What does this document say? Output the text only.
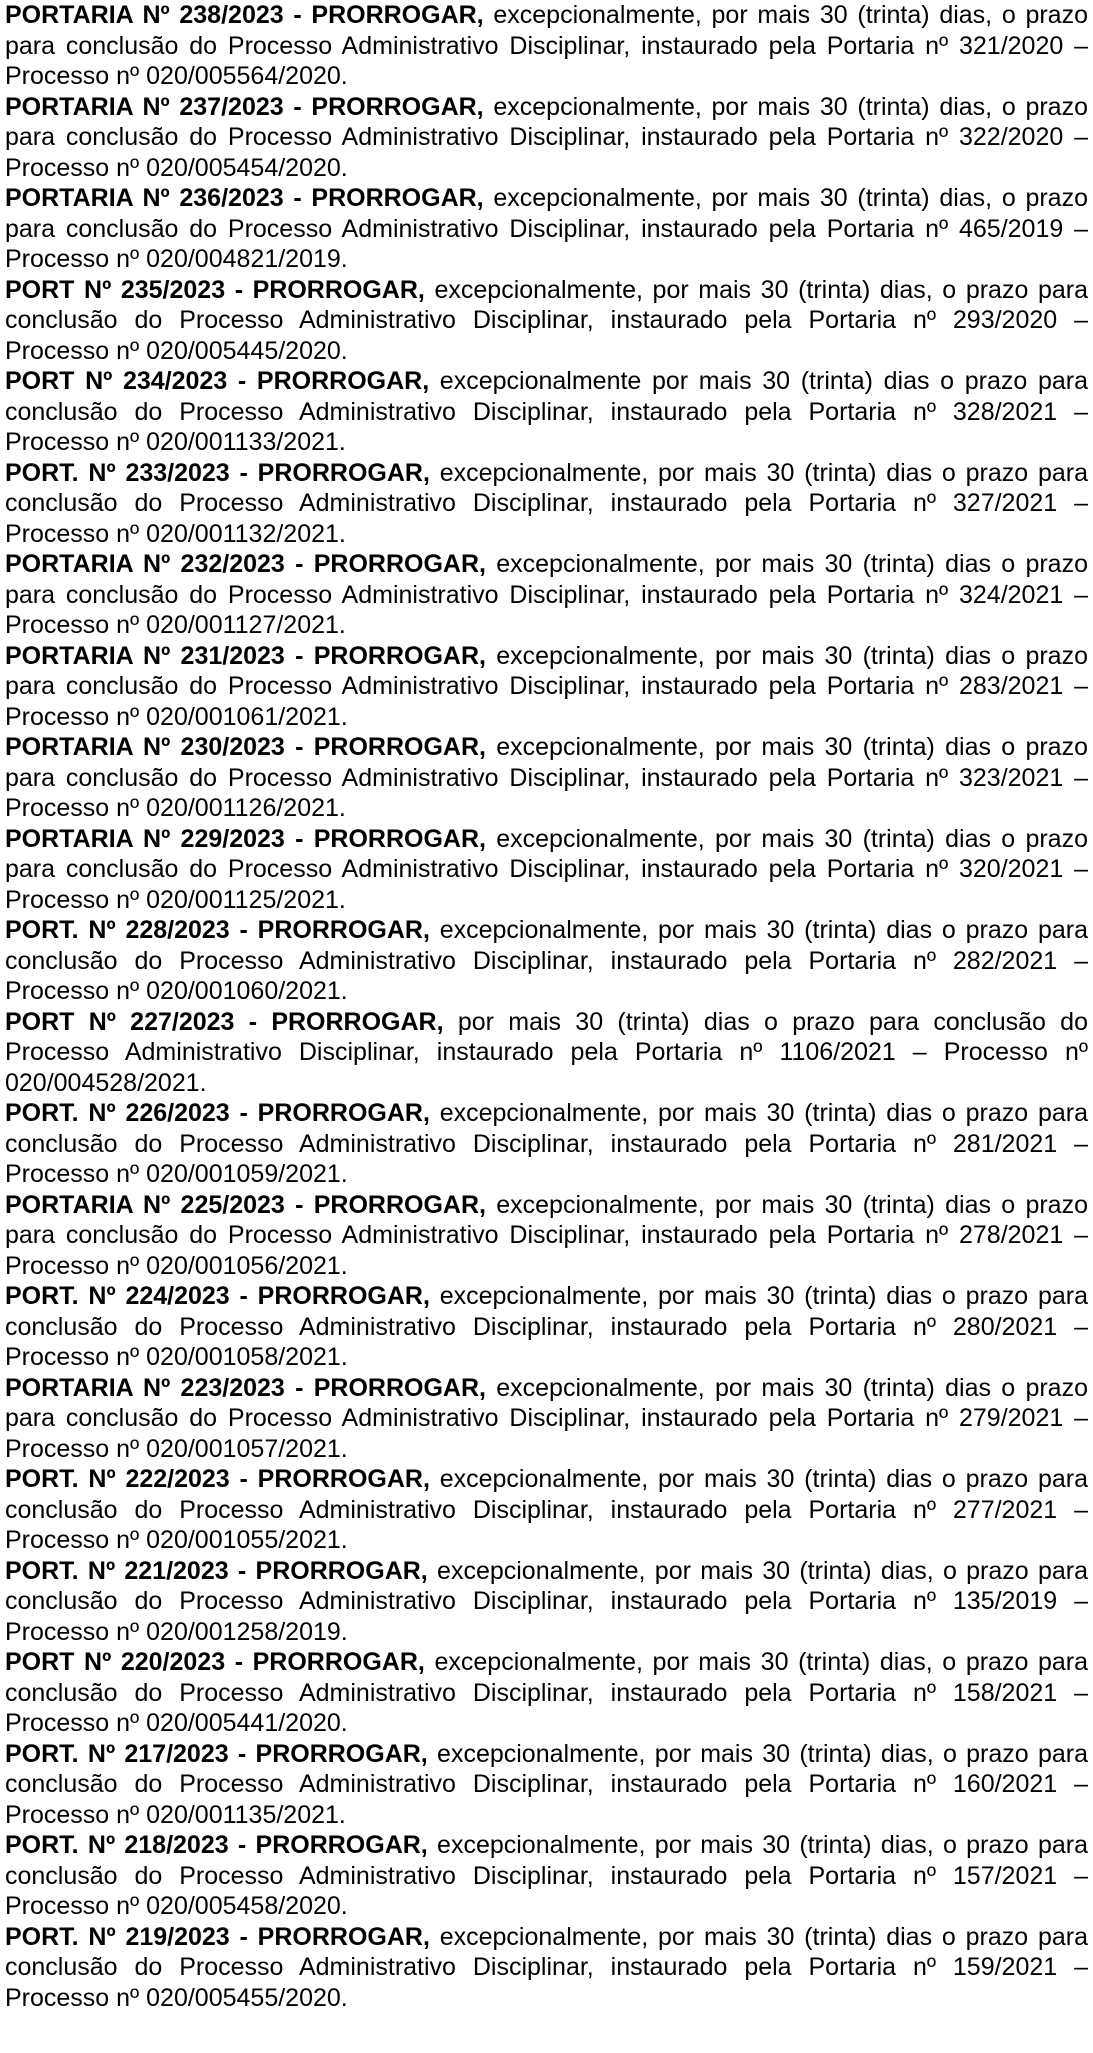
PORTARIA Nº 238/2023 - PRORROGAR, excepcionalmente, por mais 30 (trinta) dias, o prazo para conclusão do Processo Administrativo Disciplinar, instaurado pela Portaria nº 321/2020 – Processo nº 020/005564/2020.

PORTARIA Nº 237/2023 - PRORROGAR, excepcionalmente, por mais 30 (trinta) dias, o prazo para conclusão do Processo Administrativo Disciplinar, instaurado pela Portaria nº 322/2020 – Processo nº 020/005454/2020.

PORTARIA Nº 236/2023 - PRORROGAR, excepcionalmente, por mais 30 (trinta) dias, o prazo para conclusão do Processo Administrativo Disciplinar, instaurado pela Portaria nº 465/2019 – Processo nº 020/004821/2019.

PORT Nº 235/2023 - PRORROGAR, excepcionalmente, por mais 30 (trinta) dias, o prazo para conclusão do Processo Administrativo Disciplinar, instaurado pela Portaria nº 293/2020 – Processo nº 020/005445/2020.

PORT Nº 234/2023 - PRORROGAR, excepcionalmente por mais 30 (trinta) dias o prazo para conclusão do Processo Administrativo Disciplinar, instaurado pela Portaria nº 328/2021 – Processo nº 020/001133/2021.

PORT. Nº 233/2023 - PRORROGAR, excepcionalmente, por mais 30 (trinta) dias o prazo para conclusão do Processo Administrativo Disciplinar, instaurado pela Portaria nº 327/2021 – Processo nº 020/001132/2021.

PORTARIA Nº 232/2023 - PRORROGAR, excepcionalmente, por mais 30 (trinta) dias o prazo para conclusão do Processo Administrativo Disciplinar, instaurado pela Portaria nº 324/2021 – Processo nº 020/001127/2021.

PORTARIA Nº 231/2023 - PRORROGAR, excepcionalmente, por mais 30 (trinta) dias o prazo para conclusão do Processo Administrativo Disciplinar, instaurado pela Portaria nº 283/2021 – Processo nº 020/001061/2021.

PORTARIA Nº 230/2023 - PRORROGAR, excepcionalmente, por mais 30 (trinta) dias o prazo para conclusão do Processo Administrativo Disciplinar, instaurado pela Portaria nº 323/2021 – Processo nº 020/001126/2021.

PORTARIA Nº 229/2023 - PRORROGAR, excepcionalmente, por mais 30 (trinta) dias o prazo para conclusão do Processo Administrativo Disciplinar, instaurado pela Portaria nº 320/2021 – Processo nº 020/001125/2021.

PORT. Nº 228/2023 - PRORROGAR, excepcionalmente, por mais 30 (trinta) dias o prazo para conclusão do Processo Administrativo Disciplinar, instaurado pela Portaria nº 282/2021 – Processo nº 020/001060/2021.

PORT Nº 227/2023 - PRORROGAR, por mais 30 (trinta) dias o prazo para conclusão do Processo Administrativo Disciplinar, instaurado pela Portaria nº 1106/2021 – Processo nº 020/004528/2021.

PORT. Nº 226/2023 - PRORROGAR, excepcionalmente, por mais 30 (trinta) dias o prazo para conclusão do Processo Administrativo Disciplinar, instaurado pela Portaria nº 281/2021 – Processo nº 020/001059/2021.

PORTARIA Nº 225/2023 - PRORROGAR, excepcionalmente, por mais 30 (trinta) dias o prazo para conclusão do Processo Administrativo Disciplinar, instaurado pela Portaria nº 278/2021 – Processo nº 020/001056/2021.

PORT. Nº 224/2023 - PRORROGAR, excepcionalmente, por mais 30 (trinta) dias o prazo para conclusão do Processo Administrativo Disciplinar, instaurado pela Portaria nº 280/2021 – Processo nº 020/001058/2021.

PORTARIA Nº 223/2023 - PRORROGAR, excepcionalmente, por mais 30 (trinta) dias o prazo para conclusão do Processo Administrativo Disciplinar, instaurado pela Portaria nº 279/2021 – Processo nº 020/001057/2021.

PORT. Nº 222/2023 - PRORROGAR, excepcionalmente, por mais 30 (trinta) dias o prazo para conclusão do Processo Administrativo Disciplinar, instaurado pela Portaria nº 277/2021 – Processo nº 020/001055/2021.

PORT. Nº 221/2023 - PRORROGAR, excepcionalmente, por mais 30 (trinta) dias, o prazo para conclusão do Processo Administrativo Disciplinar, instaurado pela Portaria nº 135/2019 – Processo nº 020/001258/2019.

PORT Nº 220/2023 - PRORROGAR, excepcionalmente, por mais 30 (trinta) dias, o prazo para conclusão do Processo Administrativo Disciplinar, instaurado pela Portaria nº 158/2021 – Processo nº 020/005441/2020.

PORT. Nº 217/2023 - PRORROGAR, excepcionalmente, por mais 30 (trinta) dias, o prazo para conclusão do Processo Administrativo Disciplinar, instaurado pela Portaria nº 160/2021 – Processo nº 020/001135/2021.

PORT. Nº 218/2023 - PRORROGAR, excepcionalmente, por mais 30 (trinta) dias, o prazo para conclusão do Processo Administrativo Disciplinar, instaurado pela Portaria nº 157/2021 – Processo nº 020/005458/2020.

PORT. Nº 219/2023 - PRORROGAR, excepcionalmente, por mais 30 (trinta) dias o prazo para conclusão do Processo Administrativo Disciplinar, instaurado pela Portaria nº 159/2021 – Processo nº 020/005455/2020.
